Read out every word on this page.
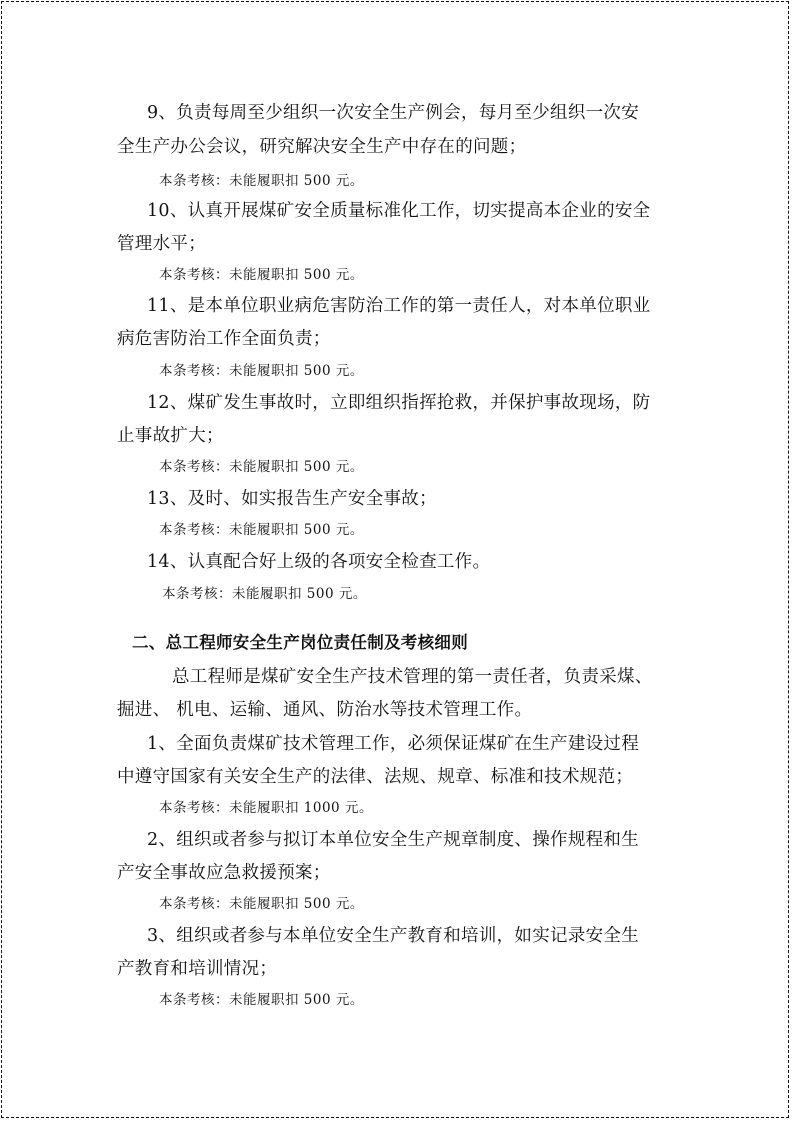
9、负责每周至少组织一次安全生产例会，每月至少组织一次安
全生产办公会议，研究解决安全生产中存在的问题；
本条考核：未能履职扣 500 元。
10、认真开展煤矿安全质量标准化工作，切实提高本企业的安全
管理水平；
本条考核：未能履职扣 500 元。
11、是本单位职业病危害防治工作的第一责任人，对本单位职业
病危害防治工作全面负责；
本条考核：未能履职扣 500 元。
12、煤矿发生事故时，立即组织指挥抢救，并保护事故现场，防
止事故扩大；
本条考核：未能履职扣 500 元。
13、及时、如实报告生产安全事故；
本条考核：未能履职扣 500 元。
14、认真配合好上级的各项安全检查工作。
本条考核：未能履职扣 500 元。
二、总工程师安全生产岗位责任制及考核细则
总工程师是煤矿安全生产技术管理的第一责任者，负责采煤、
掘进、 机电、运输、通风、防治水等技术管理工作。
1、全面负责煤矿技术管理工作，必须保证煤矿在生产建设过程
中遵守国家有关安全生产的法律、法规、规章、标准和技术规范；
本条考核：未能履职扣 1000 元。
2、组织或者参与拟订本单位安全生产规章制度、操作规程和生
产安全事故应急救援预案；
本条考核：未能履职扣 500 元。
3、组织或者参与本单位安全生产教育和培训，如实记录安全生
产教育和培训情况；
本条考核：未能履职扣 500 元。
